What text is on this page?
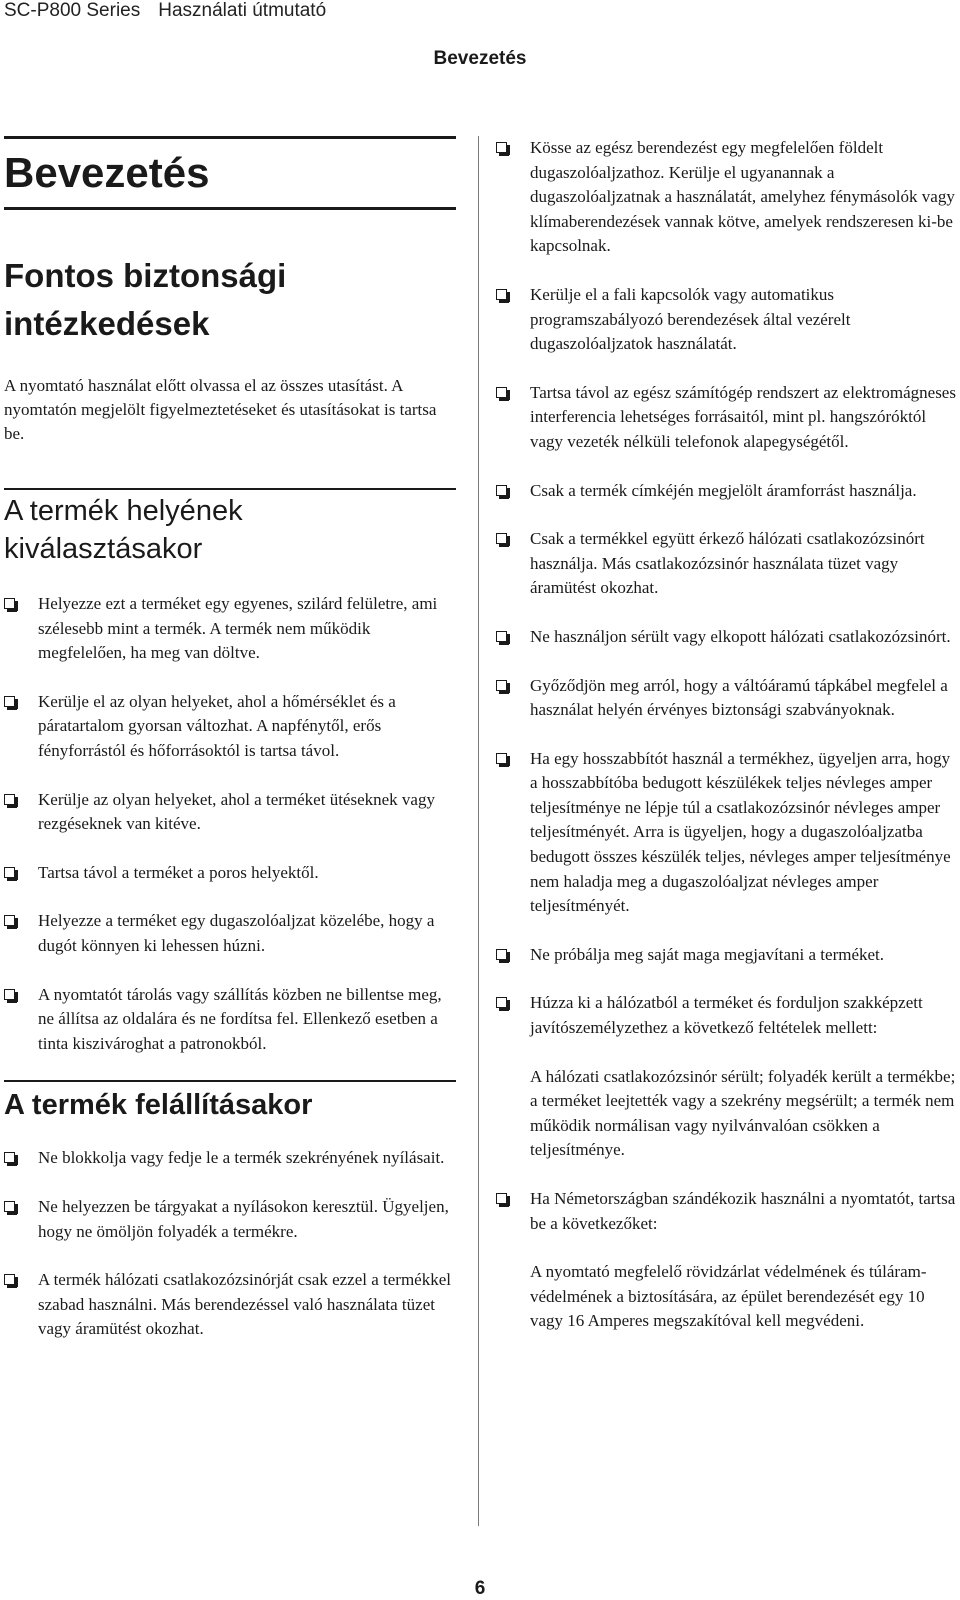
SC-P800 Series Használati útmutató
Bevezetés
Bevezetés
Fontos biztonsági intézkedések

A nyomtató használat előtt olvassa el az összes utasítást. A nyomtatón megjelölt figyelmeztetéseket és utasításokat is tartsa be.

A termék helyének kiválasztásakor
Helyezze ezt a terméket egy egyenes, szilárd felületre, ami szélesebb mint a termék. A termék nem működik megfelelően, ha meg van döltve.
Kerülje el az olyan helyeket, ahol a hőmérséklet és a páratartalom gyorsan változhat. A napfénytől, erős fényforrástól és hőforrásoktól is tartsa távol.
Kerülje az olyan helyeket, ahol a terméket ütéseknek vagy rezgéseknek van kitéve.
Tartsa távol a terméket a poros helyektől.
Helyezze a terméket egy dugaszolóaljzat közelébe, hogy a dugót könnyen ki lehessen húzni.
A nyomtatót tárolás vagy szállítás közben ne billentse meg, ne állítsa az oldalára és ne fordítsa fel. Ellenkező esetben a tinta kiszivároghat a patronokból.
A termék felállításakor
Ne blokkolja vagy fedje le a termék szekrényének nyílásait.
Ne helyezzen be tárgyakat a nyílásokon keresztül. Ügyeljen, hogy ne ömöljön folyadék a termékre.
A termék hálózati csatlakozózsinórját csak ezzel a termékkel szabad használni. Más berendezéssel való használata tüzet vagy áramütést okozhat.
Kösse az egész berendezést egy megfelelően földelt dugaszolóaljzathoz. Kerülje el ugyanannak a dugaszolóaljzatnak a használatát, amelyhez fénymásolók vagy klímaberendezések vannak kötve, amelyek rendszeresen ki-be kapcsolnak.
Kerülje el a fali kapcsolók vagy automatikus programszabályozó berendezések által vezérelt dugaszolóaljzatok használatát.
Tartsa távol az egész számítógép rendszert az elektromágneses interferencia lehetséges forrásaitól, mint pl. hangszóróktól vagy vezeték nélküli telefonok alapegységétől.
Csak a termék címkéjén megjelölt áramforrást használja.
Csak a termékkel együtt érkező hálózati csatlakozózsinórt használja. Más csatlakozózsinór használata tüzet vagy áramütést okozhat.
Ne használjon sérült vagy elkopott hálózati csatlakozózsinórt.
Győződjön meg arról, hogy a váltóáramú tápkábel megfelel a használat helyén érvényes biztonsági szabványoknak.
Ha egy hosszabbítót használ a termékhez, ügyeljen arra, hogy a hosszabbítóba bedugott készülékek teljes névleges amper teljesítménye ne lépje túl a csatlakozózsinór névleges amper teljesítményét. Arra is ügyeljen, hogy a dugaszolóaljzatba bedugott összes készülék teljes, névleges amper teljesítménye nem haladja meg a dugaszolóaljzat névleges amper teljesítményét.
Ne próbálja meg saját maga megjavítani a terméket.
Húzza ki a hálózatból a terméket és forduljon szakképzett javítószemélyzethez a következő feltételek mellett:
A hálózati csatlakozózsinór sérült; folyadék került a termékbe; a terméket leejtették vagy a szekrény megsérült; a termék nem működik normálisan vagy nyilvánvalóan csökken a teljesítménye.
Ha Németországban szándékozik használni a nyomtatót, tartsa be a következőket:
A nyomtató megfelelő rövidzárlat védelmének és túláram-védelmének a biztosítására, az épület berendezését egy 10 vagy 16 Amperes megszakítóval kell megvédeni.
6
